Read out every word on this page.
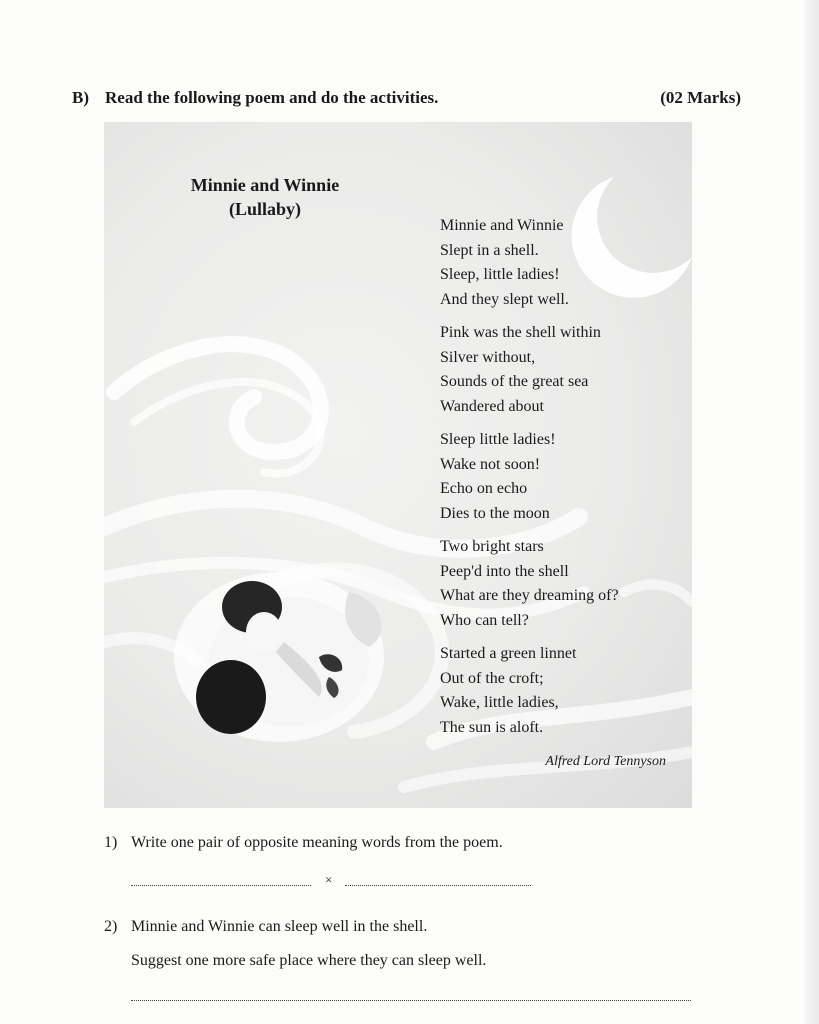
B) Read the following poem and do the activities.	(02 Marks)
Minnie and Winnie
(Lullaby)
Minnie and Winnie
Slept in a shell.
Sleep, little ladies!
And they slept well.
Pink was the shell within
Silver without,
Sounds of the great sea
Wandered about
Sleep little ladies!
Wake not soon!
Echo on echo
Dies to the moon
Two bright stars
Peep'd into the shell
What are they dreaming of?
Who can tell?
Started a green linnet
Out of the croft;
Wake, little ladies,
The sun is aloft.
Alfred Lord Tennyson
1) Write one pair of opposite meaning words from the poem.
×
2) Minnie and Winnie can sleep well in the shell.
Suggest one more safe place where they can sleep well.
